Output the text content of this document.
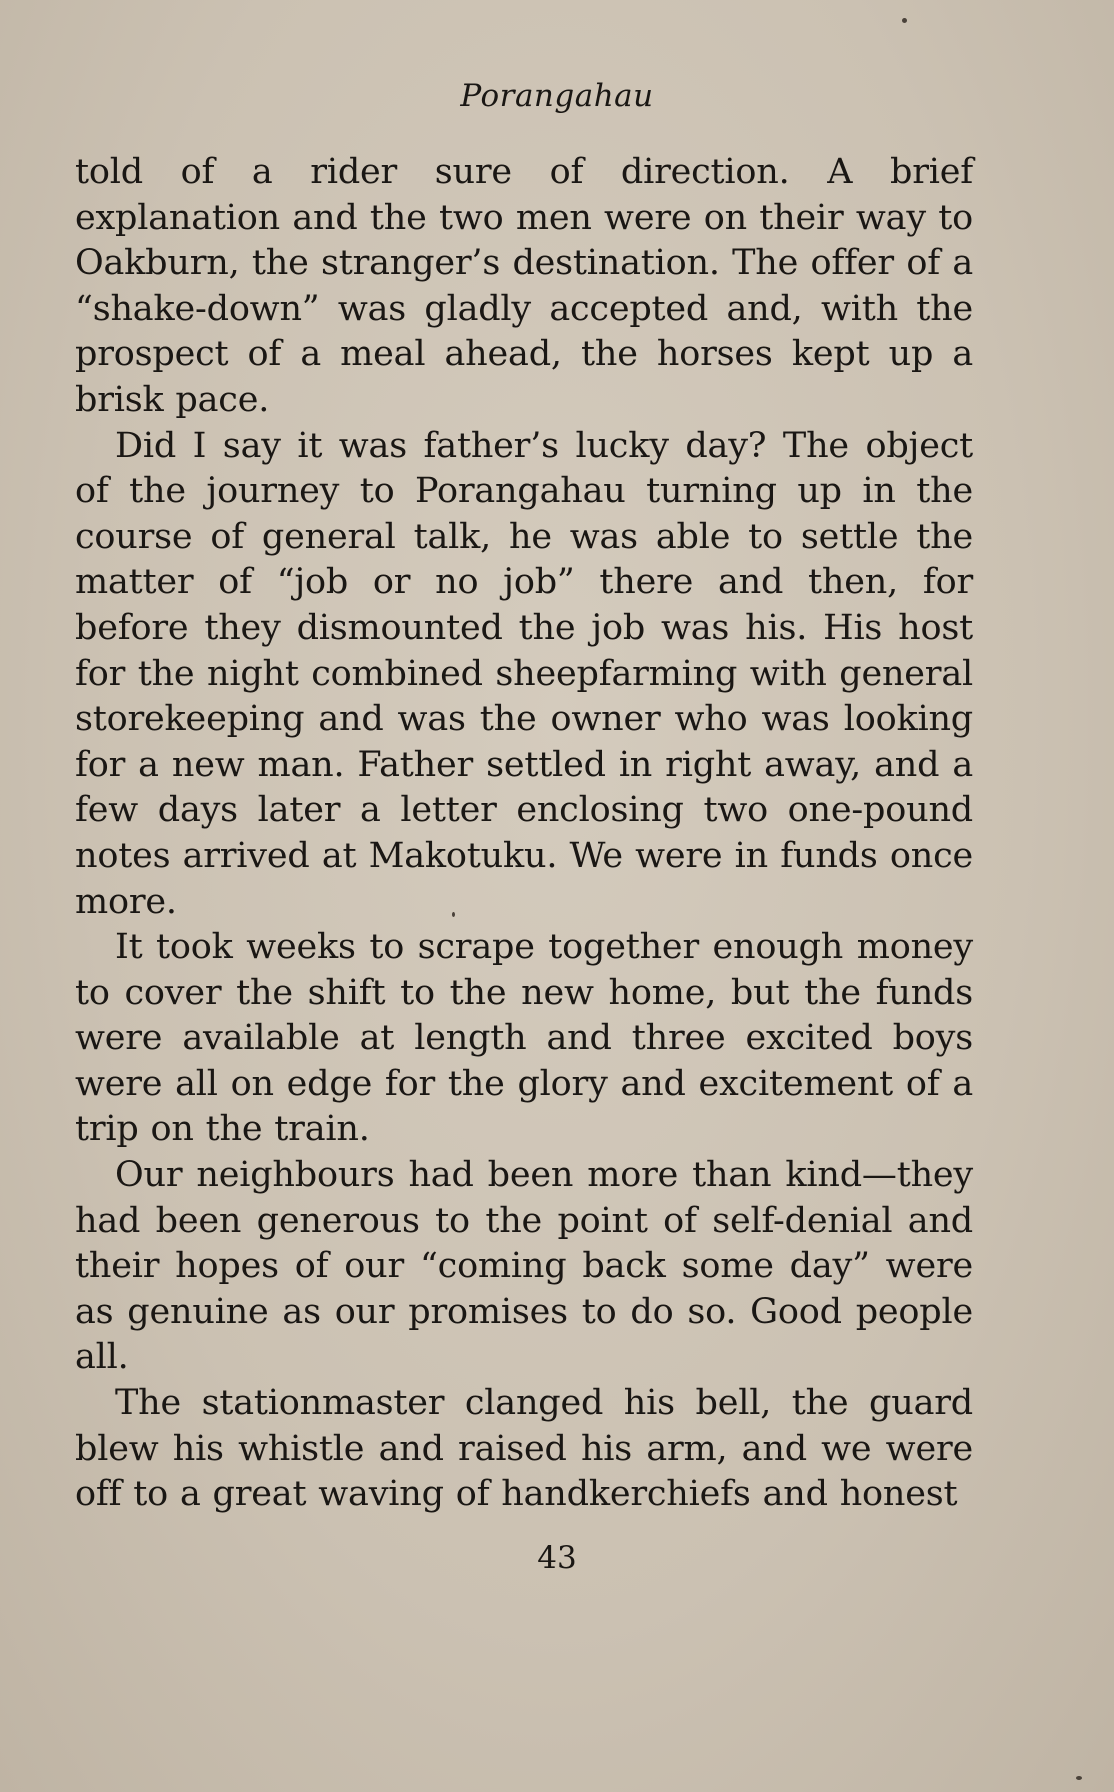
Porangahau

told of a rider sure of direction. A brief explanation and the two men were on their way to Oakburn, the stranger’s destination. The offer of a “shake-down” was gladly accepted and, with the prospect of a meal ahead, the horses kept up a brisk pace.

Did I say it was father’s lucky day? The object of the journey to Porangahau turning up in the course of general talk, he was able to settle the matter of “job or no job” there and then, for before they dismounted the job was his. His host for the night combined sheepfarming with general storekeeping and was the owner who was looking for a new man. Father settled in right away, and a few days later a letter enclosing two one-pound notes arrived at Makotuku. We were in funds once more.

It took weeks to scrape together enough money to cover the shift to the new home, but the funds were available at length and three excited boys were all on edge for the glory and excitement of a trip on the train.

Our neighbours had been more than kind—they had been generous to the point of self-denial and their hopes of our “coming back some day” were as genuine as our promises to do so. Good people all.

The stationmaster clanged his bell, the guard blew his whistle and raised his arm, and we were off to a great waving of handkerchiefs and honest

43
